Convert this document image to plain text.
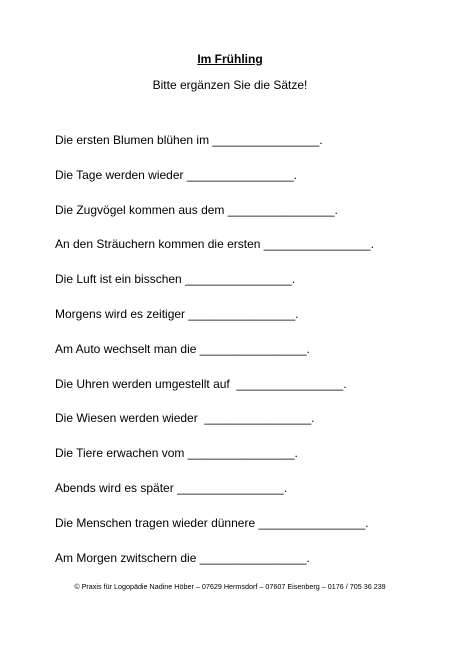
Im Frühling
Bitte ergänzen Sie die Sätze!
Die ersten Blumen blühen im ________________.
Die Tage werden wieder ________________.
Die Zugvögel kommen aus dem ________________.
An den Sträuchern kommen die ersten ________________.
Die Luft ist ein bisschen ________________.
Morgens wird es zeitiger ________________.
Am Auto wechselt man die ________________.
Die Uhren werden umgestellt auf  ________________.
Die Wiesen werden wieder  ________________.
Die Tiere erwachen vom ________________.
Abends wird es später ________________.
Die Menschen tragen wieder dünnere ________________.
Am Morgen zwitschern die ________________.
© Praxis für Logopädie Nadine Höber – 07629 Hermsdorf – 07607 Eisenberg – 0176 / 705 36 239
